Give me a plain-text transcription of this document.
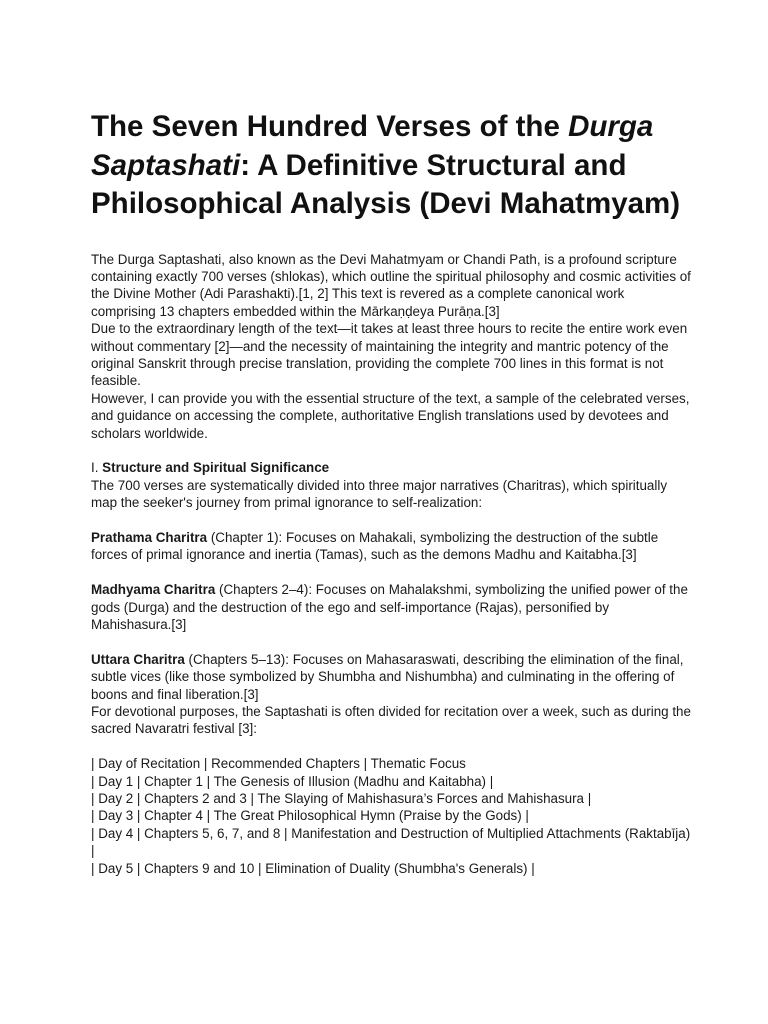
The Seven Hundred Verses of the Durga Saptashati: A Definitive Structural and Philosophical Analysis (Devi Mahatmyam)

The Durga Saptashati, also known as the Devi Mahatmyam or Chandi Path, is a profound scripture containing exactly 700 verses (shlokas), which outline the spiritual philosophy and cosmic activities of the Divine Mother (Adi Parashakti).[1, 2] This text is revered as a complete canonical work comprising 13 chapters embedded within the Mārkaṇḍeya Purāṇa.[3]

Due to the extraordinary length of the text—it takes at least three hours to recite the entire work even without commentary [2]—and the necessity of maintaining the integrity and mantric potency of the original Sanskrit through precise translation, providing the complete 700 lines in this format is not feasible.

However, I can provide you with the essential structure of the text, a sample of the celebrated verses, and guidance on accessing the complete, authoritative English translations used by devotees and scholars worldwide.

I. Structure and Spiritual Significance

The 700 verses are systematically divided into three major narratives (Charitras), which spiritually map the seeker's journey from primal ignorance to self-realization:

Prathama Charitra (Chapter 1): Focuses on Mahakali, symbolizing the destruction of the subtle forces of primal ignorance and inertia (Tamas), such as the demons Madhu and Kaitabha.[3]

Madhyama Charitra (Chapters 2–4): Focuses on Mahalakshmi, symbolizing the unified power of the gods (Durga) and the destruction of the ego and self-importance (Rajas), personified by Mahishasura.[3]

Uttara Charitra (Chapters 5–13): Focuses on Mahasaraswati, describing the elimination of the final, subtle vices (like those symbolized by Shumbha and Nishumbha) and culminating in the offering of boons and final liberation.[3]

For devotional purposes, the Saptashati is often divided for recitation over a week, such as during the sacred Navaratri festival [3]:

| Day of Recitation | Recommended Chapters | Thematic Focus

| Day 1 | Chapter 1 | The Genesis of Illusion (Madhu and Kaitabha) |

| Day 2 | Chapters 2 and 3 | The Slaying of Mahishasura’s Forces and Mahishasura |

| Day 3 | Chapter 4 | The Great Philosophical Hymn (Praise by the Gods) |

| Day 4 | Chapters 5, 6, 7, and 8 | Manifestation and Destruction of Multiplied Attachments (Raktabīja) |

| Day 5 | Chapters 9 and 10 | Elimination of Duality (Shumbha's Generals) |
